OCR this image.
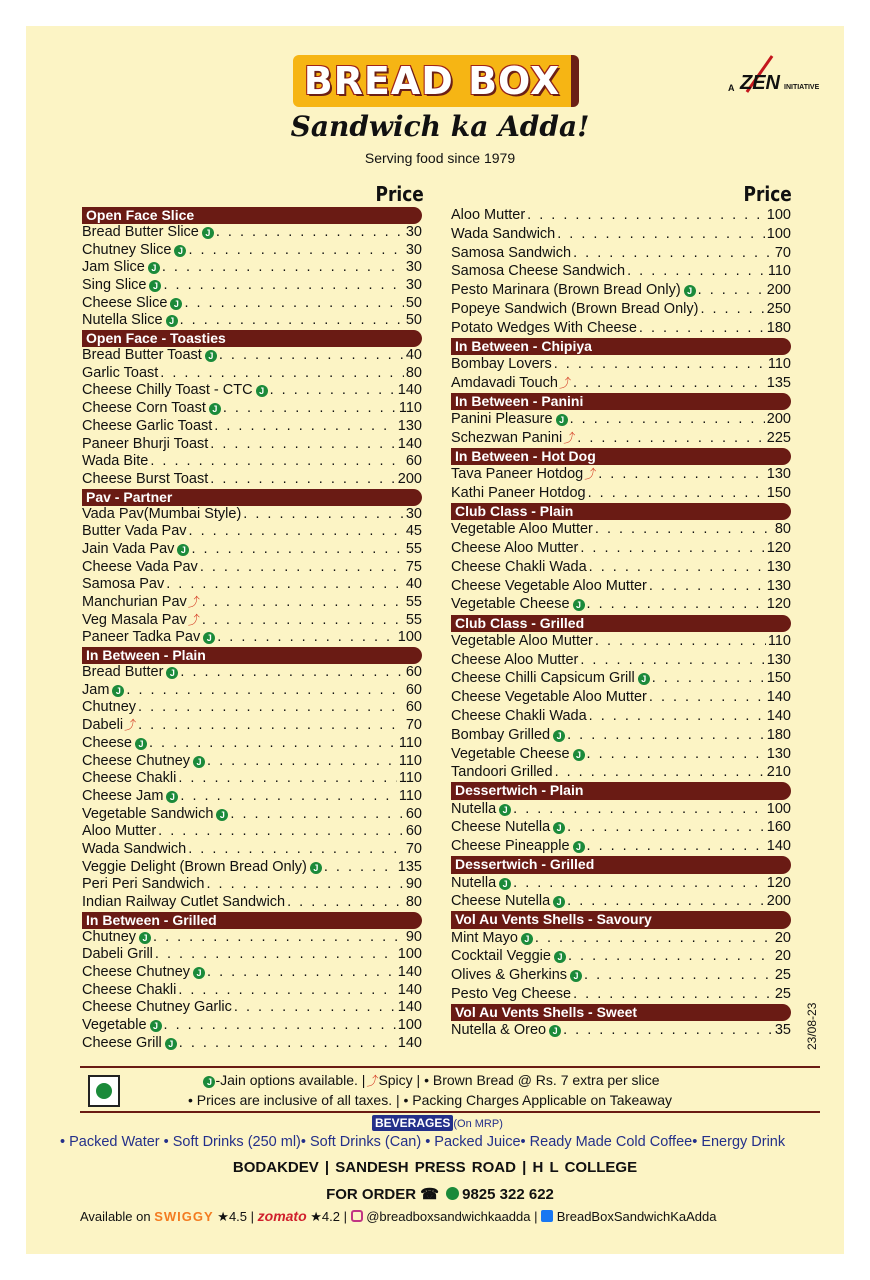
BREAD BOX
Sandwich ka Adda!
Serving food since 1979
A ZEN INITIATIVE
Price	Price
Open Face Slice
Bread Butter Slice J . . .	30
Chutney Slice J . . .	30
Jam Slice J . . .	30
Sing Slice J . . .	30
Cheese Slice J . . .	50
Nutella Slice J . . .	50
Open Face - Toasties
Bread Butter Toast J . . .	40
Garlic Toast . . .	80
Cheese Chilly Toast - CTC J . . .	140
Cheese Corn Toast J . . .	110
Cheese Garlic Toast . . .	130
Paneer Bhurji Toast . . .	140
Wada Bite . . .	60
Cheese Burst Toast . . .	200
Pav - Partner
Vada Pav(Mumbai Style) . . .	30
Butter Vada Pav . . .	45
Jain Vada Pav J . . .	55
Cheese Vada Pav . . .	75
Samosa Pav . . .	40
Manchurian Pav⤴ . . .	55
Veg Masala Pav⤴ . . .	55
Paneer Tadka Pav J . . .	100
In Between - Plain
Bread Butter J . . .	60
Jam J . . .	60
Chutney . . .	60
Dabeli⤴ . . .	70
Cheese J . . .	110
Cheese Chutney J . . .	110
Cheese Chakli . . .	110
Cheese Jam J . . .	110
Vegetable Sandwich J . . .	60
Aloo Mutter . . .	60
Wada Sandwich . . .	70
Veggie Delight (Brown Bread Only) J . . .	135
Peri Peri Sandwich . . .	90
Indian Railway Cutlet Sandwich . . .	80
In Between - Grilled
Chutney J . . .	90
Dabeli Grill . . .	100
Cheese Chutney J . . .	140
Cheese Chakli . . .	140
Cheese Chutney Garlic . . .	140
Vegetable J . . .	100
Cheese Grill J . . .	140
Aloo Mutter . . .	100
Wada Sandwich . . .	100
Samosa Sandwich . . .	70
Samosa Cheese Sandwich . . .	110
Pesto Marinara (Brown Bread Only) J . . .	200
Popeye Sandwich (Brown Bread Only) . . .	250
Potato Wedges With Cheese . . .	180
In Between - Chipiya
Bombay Lovers . . .	110
Amdavadi Touch⤴ . . .	135
In Between - Panini
Panini Pleasure J . . .	200
Schezwan Panini⤴ . . .	225
In Between - Hot Dog
Tava Paneer Hotdog⤴ . . .	130
Kathi Paneer Hotdog . . .	150
Club Class - Plain
Vegetable Aloo Mutter . . .	80
Cheese Aloo Mutter . . .	120
Cheese Chakli Wada . . .	130
Cheese Vegetable Aloo Mutter . . .	130
Vegetable Cheese J . . .	120
Club Class - Grilled
Vegetable Aloo Mutter . . .	110
Cheese Aloo Mutter . . .	130
Cheese Chilli Capsicum Grill J . . .	150
Cheese Vegetable Aloo Mutter . . .	140
Cheese Chakli Wada . . .	140
Bombay Grilled J . . .	180
Vegetable Cheese J . . .	130
Tandoori Grilled . . .	210
Dessertwich - Plain
Nutella J . . .	100
Cheese Nutella J . . .	160
Cheese Pineapple J . . .	140
Dessertwich - Grilled
Nutella J . . .	120
Cheese Nutella J . . .	200
Vol Au Vents Shells - Savoury
Mint Mayo J . . .	20
Cocktail Veggie J . . .	20
Olives & Gherkins J . . .	25
Pesto Veg Cheese . . .	25
Vol Au Vents Shells - Sweet
Nutella & Oreo J . . .	35 23/08-23
J -Jain options available. |⤴Spicy | • Brown Bread @ Rs. 7 extra per slice
• Prices are inclusive of all taxes. | • Packing Charges Applicable on Takeaway
BEVERAGES (On MRP)
• Packed Water • Soft Drinks (250 ml)• Soft Drinks (Can) • Packed Juice• Ready Made Cold Coffee• Energy Drink
BODAKDEV | SANDESH PRESS ROAD | H L COLLEGE
FOR ORDER ☎ 9825 322 622
Available on SWIGGY ★4.5 | zomato ★4.2 | @breadboxsandwichkaadda | BreadBoxSandwichKaAdda
